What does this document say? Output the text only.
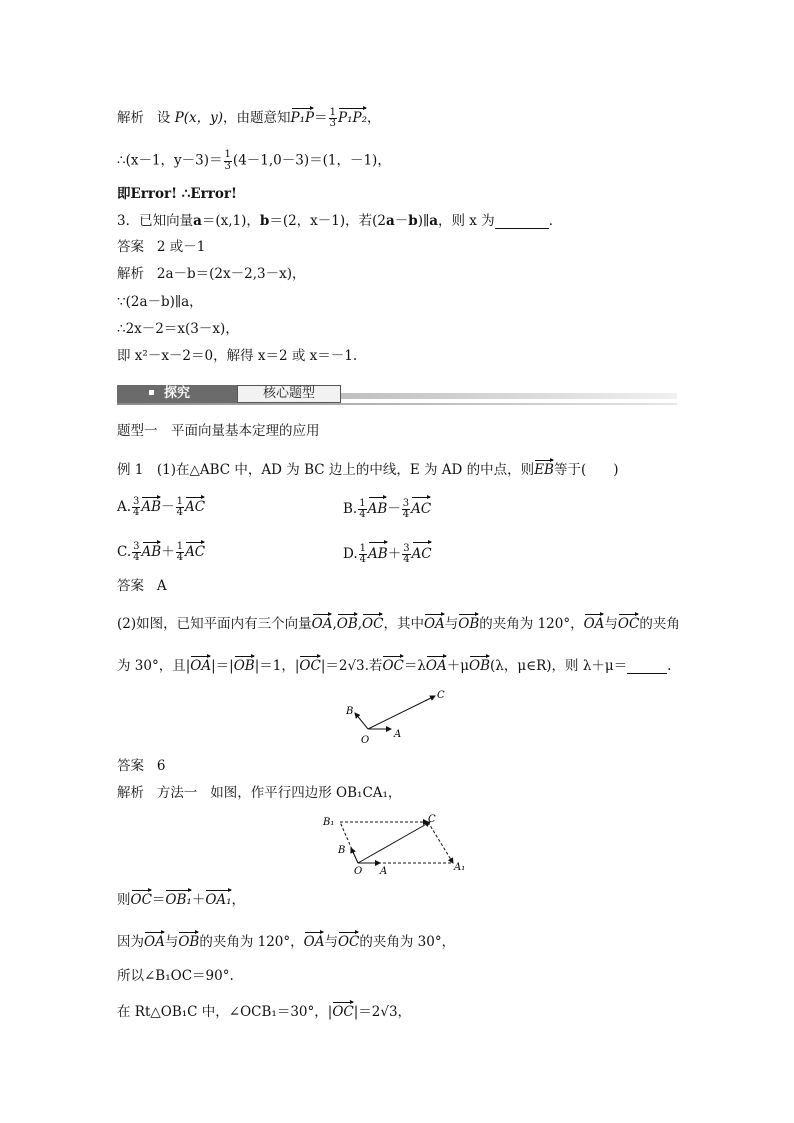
解析 设 P(x，y)，由题意知$P_1P= \frac{1}{3} P_1P_2$，
∴(x－1，$y-3)= \frac{1}{3} (4-1,0-3)=(1$，－1)，
即Error! ∴Error!
3．已知向量a＝(x,1)，b＝(2，x－1)，若(2a－b)∥a，则 x 为	．
答案 2 或－1
解析 2a－b＝(2x－2,3－x)，
∵(2a－b)∥a，
∴2x－2＝x(3－x)，
即 x²－x－2＝0，解得 x＝2 或 x＝－1.
探究	核心题型
题型一　平面向量基本定理的应用
例 1　(1)在△ABC 中，AD 为 BC 边上的中线，E 为 AD 的中点，则EB等于(　　)
A. $\frac{3}{4} AB- \frac{1}{4}$ AC	B. $\frac{1}{4} AB- \frac{3}{4}$ AC
C. $\frac{3}{4} AB+ \frac{1}{4}$ AC	D. $\frac{1}{4} AB+ \frac{3}{4}$ AC
答案 A
(2)如图，已知平面内有三个向量OA,OB,OC，其中OA与OB的夹角为 120°，OA与OC的夹角
为 30°，且|OA|＝|OB|＝1，|OC|＝2√3.若OC＝λOA＋μOB(λ，μ∈R)，则 λ＋μ＝	.
B
C
O
A
答案 6
解析 方法一 如图，作平行四边形 OB₁CA₁，
B₁	C
B
O A	A₁
则OC＝OB₁＋OA₁，
因为OA与OB的夹角为 120°，OA与OC的夹角为 30°，
所以∠B₁OC＝90°.
在 Rt△OB₁C 中，∠OCB₁＝30°，|OC|＝2√3，
